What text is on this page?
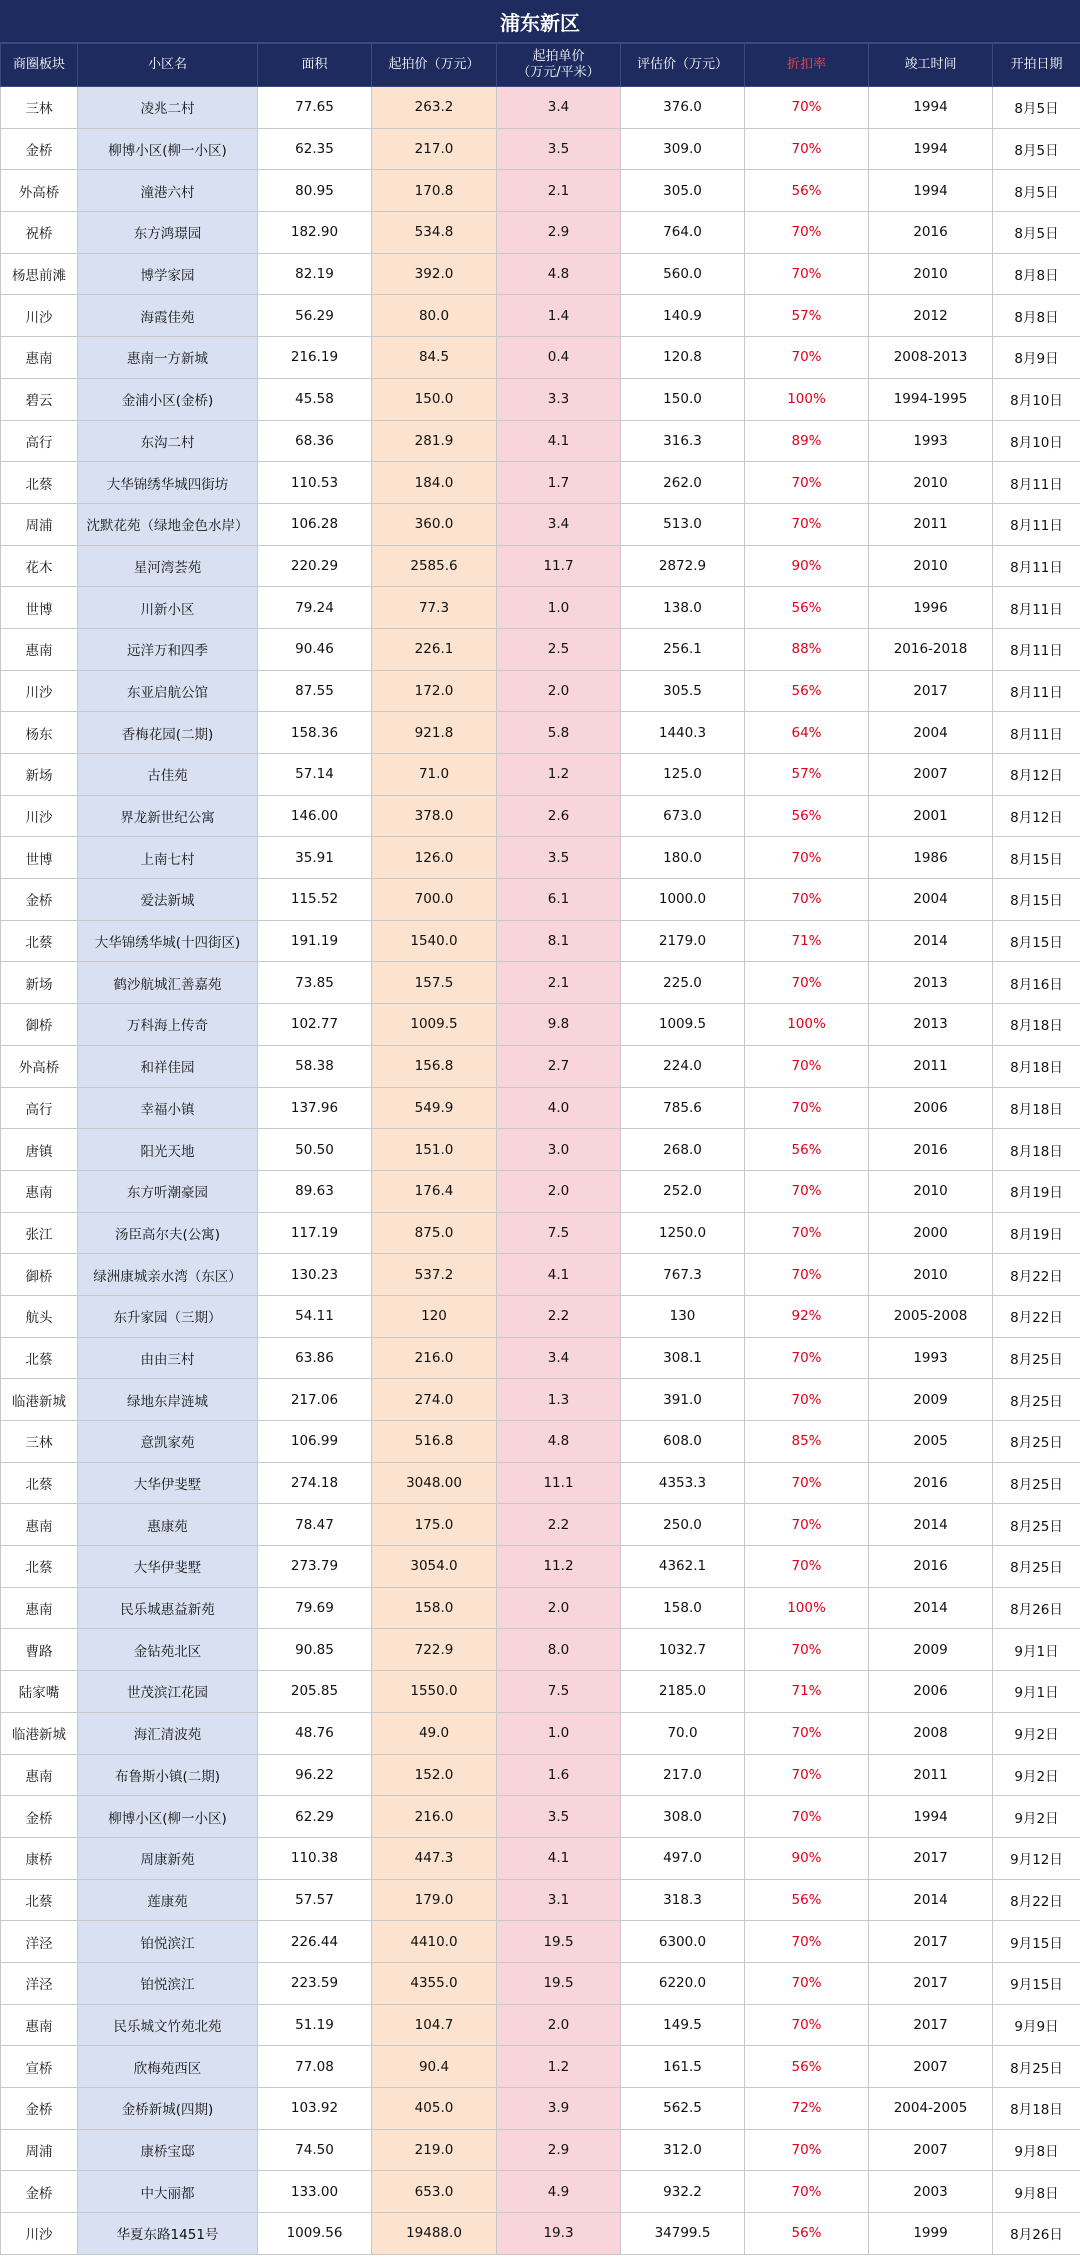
浦东新区
商圈板块	小区名	面积	起拍价（万元）	起拍单价
（万元/平米）	评估价（万元）	折扣率	竣工时间	开拍日期
三林	凌兆二村	77.65	263.2	3.4	376.0	70%	1994	8月5日
金桥	柳博小区(柳一小区)	62.35	217.0	3.5	309.0	70%	1994	8月5日
外高桥	潼港六村	80.95	170.8	2.1	305.0	56%	1994	8月5日
祝桥	东方鸿璟园	182.90	534.8	2.9	764.0	70%	2016	8月5日
杨思前滩	博学家园	82.19	392.0	4.8	560.0	70%	2010	8月8日
川沙	海霞佳苑	56.29	80.0	1.4	140.9	57%	2012	8月8日
惠南	惠南一方新城	216.19	84.5	0.4	120.8	70%	2008-2013	8月9日
碧云	金浦小区(金桥)	45.58	150.0	3.3	150.0	100%	1994-1995	8月10日
高行	东沟二村	68.36	281.9	4.1	316.3	89%	1993	8月10日
北蔡	大华锦绣华城四街坊	110.53	184.0	1.7	262.0	70%	2010	8月11日
周浦	沈默花苑（绿地金色水岸）	106.28	360.0	3.4	513.0	70%	2011	8月11日
花木	星河湾荟苑	220.29	2585.6	11.7	2872.9	90%	2010	8月11日
世博	川新小区	79.24	77.3	1.0	138.0	56%	1996	8月11日
惠南	远洋万和四季	90.46	226.1	2.5	256.1	88%	2016-2018	8月11日
川沙	东亚启航公馆	87.55	172.0	2.0	305.5	56%	2017	8月11日
杨东	香梅花园(二期)	158.36	921.8	5.8	1440.3	64%	2004	8月11日
新场	古佳苑	57.14	71.0	1.2	125.0	57%	2007	8月12日
川沙	界龙新世纪公寓	146.00	378.0	2.6	673.0	56%	2001	8月12日
世博	上南七村	35.91	126.0	3.5	180.0	70%	1986	8月15日
金桥	爱法新城	115.52	700.0	6.1	1000.0	70%	2004	8月15日
北蔡	大华锦绣华城(十四街区)	191.19	1540.0	8.1	2179.0	71%	2014	8月15日
新场	鹤沙航城汇善嘉苑	73.85	157.5	2.1	225.0	70%	2013	8月16日
御桥	万科海上传奇	102.77	1009.5	9.8	1009.5	100%	2013	8月18日
外高桥	和祥佳园	58.38	156.8	2.7	224.0	70%	2011	8月18日
高行	幸福小镇	137.96	549.9	4.0	785.6	70%	2006	8月18日
唐镇	阳光天地	50.50	151.0	3.0	268.0	56%	2016	8月18日
惠南	东方听潮豪园	89.63	176.4	2.0	252.0	70%	2010	8月19日
张江	汤臣高尔夫(公寓)	117.19	875.0	7.5	1250.0	70%	2000	8月19日
御桥	绿洲康城亲水湾（东区）	130.23	537.2	4.1	767.3	70%	2010	8月22日
航头	东升家园（三期）	54.11	120	2.2	130	92%	2005-2008	8月22日
北蔡	由由三村	63.86	216.0	3.4	308.1	70%	1993	8月25日
临港新城	绿地东岸涟城	217.06	274.0	1.3	391.0	70%	2009	8月25日
三林	意凯家苑	106.99	516.8	4.8	608.0	85%	2005	8月25日
北蔡	大华伊斐墅	274.18	3048.00	11.1	4353.3	70%	2016	8月25日
惠南	惠康苑	78.47	175.0	2.2	250.0	70%	2014	8月25日
北蔡	大华伊斐墅	273.79	3054.0	11.2	4362.1	70%	2016	8月25日
惠南	民乐城惠益新苑	79.69	158.0	2.0	158.0	100%	2014	8月26日
曹路	金钻苑北区	90.85	722.9	8.0	1032.7	70%	2009	9月1日
陆家嘴	世茂滨江花园	205.85	1550.0	7.5	2185.0	71%	2006	9月1日
临港新城	海汇清波苑	48.76	49.0	1.0	70.0	70%	2008	9月2日
惠南	布鲁斯小镇(二期)	96.22	152.0	1.6	217.0	70%	2011	9月2日
金桥	柳博小区(柳一小区)	62.29	216.0	3.5	308.0	70%	1994	9月2日
康桥	周康新苑	110.38	447.3	4.1	497.0	90%	2017	9月12日
北蔡	莲康苑	57.57	179.0	3.1	318.3	56%	2014	8月22日
洋泾	铂悦滨江	226.44	4410.0	19.5	6300.0	70%	2017	9月15日
洋泾	铂悦滨江	223.59	4355.0	19.5	6220.0	70%	2017	9月15日
惠南	民乐城文竹苑北苑	51.19	104.7	2.0	149.5	70%	2017	9月9日
宣桥	欣梅苑西区	77.08	90.4	1.2	161.5	56%	2007	8月25日
金桥	金桥新城(四期)	103.92	405.0	3.9	562.5	72%	2004-2005	8月18日
周浦	康桥宝邸	74.50	219.0	2.9	312.0	70%	2007	9月8日
金桥	中大丽都	133.00	653.0	4.9	932.2	70%	2003	9月8日
川沙	华夏东路1451号	1009.56	19488.0	19.3	34799.5	56%	1999	8月26日
